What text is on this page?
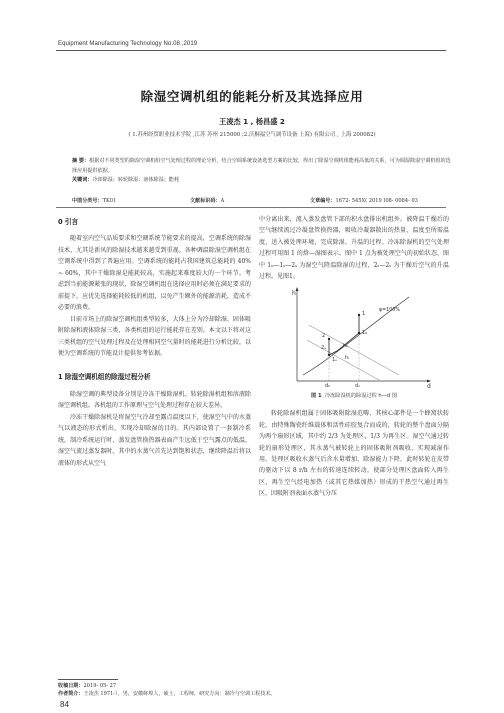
Equipment Manufacturing Technology No.08 ,2019
除湿空调机组的能耗分析及其选择应用
王凌杰 1 , 杨昌盛 2
( 1.苏州经贸职业技术学院 ,江苏 苏州 215000 ;2.沃桐福空气调节设备 上海) 有限公司 , 上海 200082)
摘 要：根据对不同类型的除湿空调机组空气处理过程的理论分析，结合空调系统设备选型方案的比较，得出了除湿空调机组能耗高低的关系，可为调湿除湿空调机组的选择应用提供依据。
关键词：冷却除湿；转轮除湿；液体除湿；能耗
中图分类号：TK01	文献标识码：A	文章编号：1672- 545X( 2019 )08- 0084- 03
0 引言

随着室内空气品质要求和空调系统节能要求的提高，空调系统的除湿技术，尤其是新风的除湿技术越来越受到重视。各种调温除湿空调机组在空调系统中得到了普遍应用。空调系统的能耗占我国建筑总能耗的 40% ~ 60%，其中干燥除湿是能耗较高，实施起来难度较大的一个环节。考虑到当前能源紧张的现状，除湿空调机组在选择应用时必须在满足要求的前提下，应优先选择能耗较低的机组，以免产生额外的能源消耗，造成不必要的浪费。

目前市场上的除湿空调机组类型较多，大体上分为冷却除湿、固体吸附除湿和液体除湿三类，各类机组的运行能耗存在差别。本文以下将对这三类机组的空气处理过程及在处理相同空气量时的能耗进行分析比较，以便为空调系统的节能设计提供参考依据。

1 除湿空调机组的除湿过程分析

除湿空调的典型设备分别是冷冻干燥除湿机、转轮除湿机组和溶液除湿空调机组。各机组的工作原理与空气处理过程存在较大差异。

冷冻干燥除湿机是将湿空气冷却至露点温度以下，使湿空气中的水蒸气以液态的形式析出，实现冷却除湿的目的。其内部设置了一套制冷系统，制冷系统运行时，蒸发盘管换热器表面产生远低于空气露点的低温，湿空气流过蒸发器时，其中的水蒸气首先达到饱和状态，继续降温后将以液体的形式从空气

中分离出来，流入蒸发盘管下部的积水盘排出机组外。被降温干燥后的空气继续流过冷凝盘管换热器，吸收冷凝器散出的热量，温度至所需温度，送入被处理环境，完成除湿、升温的过程。冷冻除湿机的空气处理过程可用图 1 的焓—湿图表示，图中 1 点为被处理空气的初始状态，图中 1ₒ—1ₛ—2ₛ 为湿空气降温除湿的过程，2ₛ—2ₛ 为干燥后空气的升温过程。见图1。

h
d
φ=100%
1
1₀
1ₛ
2
2ₛ	h₀
hᵢ
d₀	d₁
图 1 冷冻除湿机的除湿过程 h—d 图

转轮除湿机组属于固体吸附除湿范畴，其核心部件是一个蜂窝状转轮，由特殊陶瓷纤维载体和活性硅胶复合而成的，转轮的整个盘面分隔为两个扇形区域，其中约 2/3 为处理区，1/3 为再生区。湿空气通过转轮的扇形处理区，其水蒸气被转轮上的固体吸附剂吸收，实现减湿作用。处理区吸收水蒸气后含水量增加，除湿能力下降，此时转轮在皮带的驱动下以 8 r/h 左右的转速连续转动，使部分处理区盘面转入再生区，再生空气经电加热（或其它热媒加热）形成的干热空气通过再生区，因吸附剂表面水蒸气分压

收稿日期：2019- 05- 27
作者简介：王凌杰 1971-），男，安徽蚌埠人，硕士，工程师，研究方向：制冷与空调工程技术。
84
